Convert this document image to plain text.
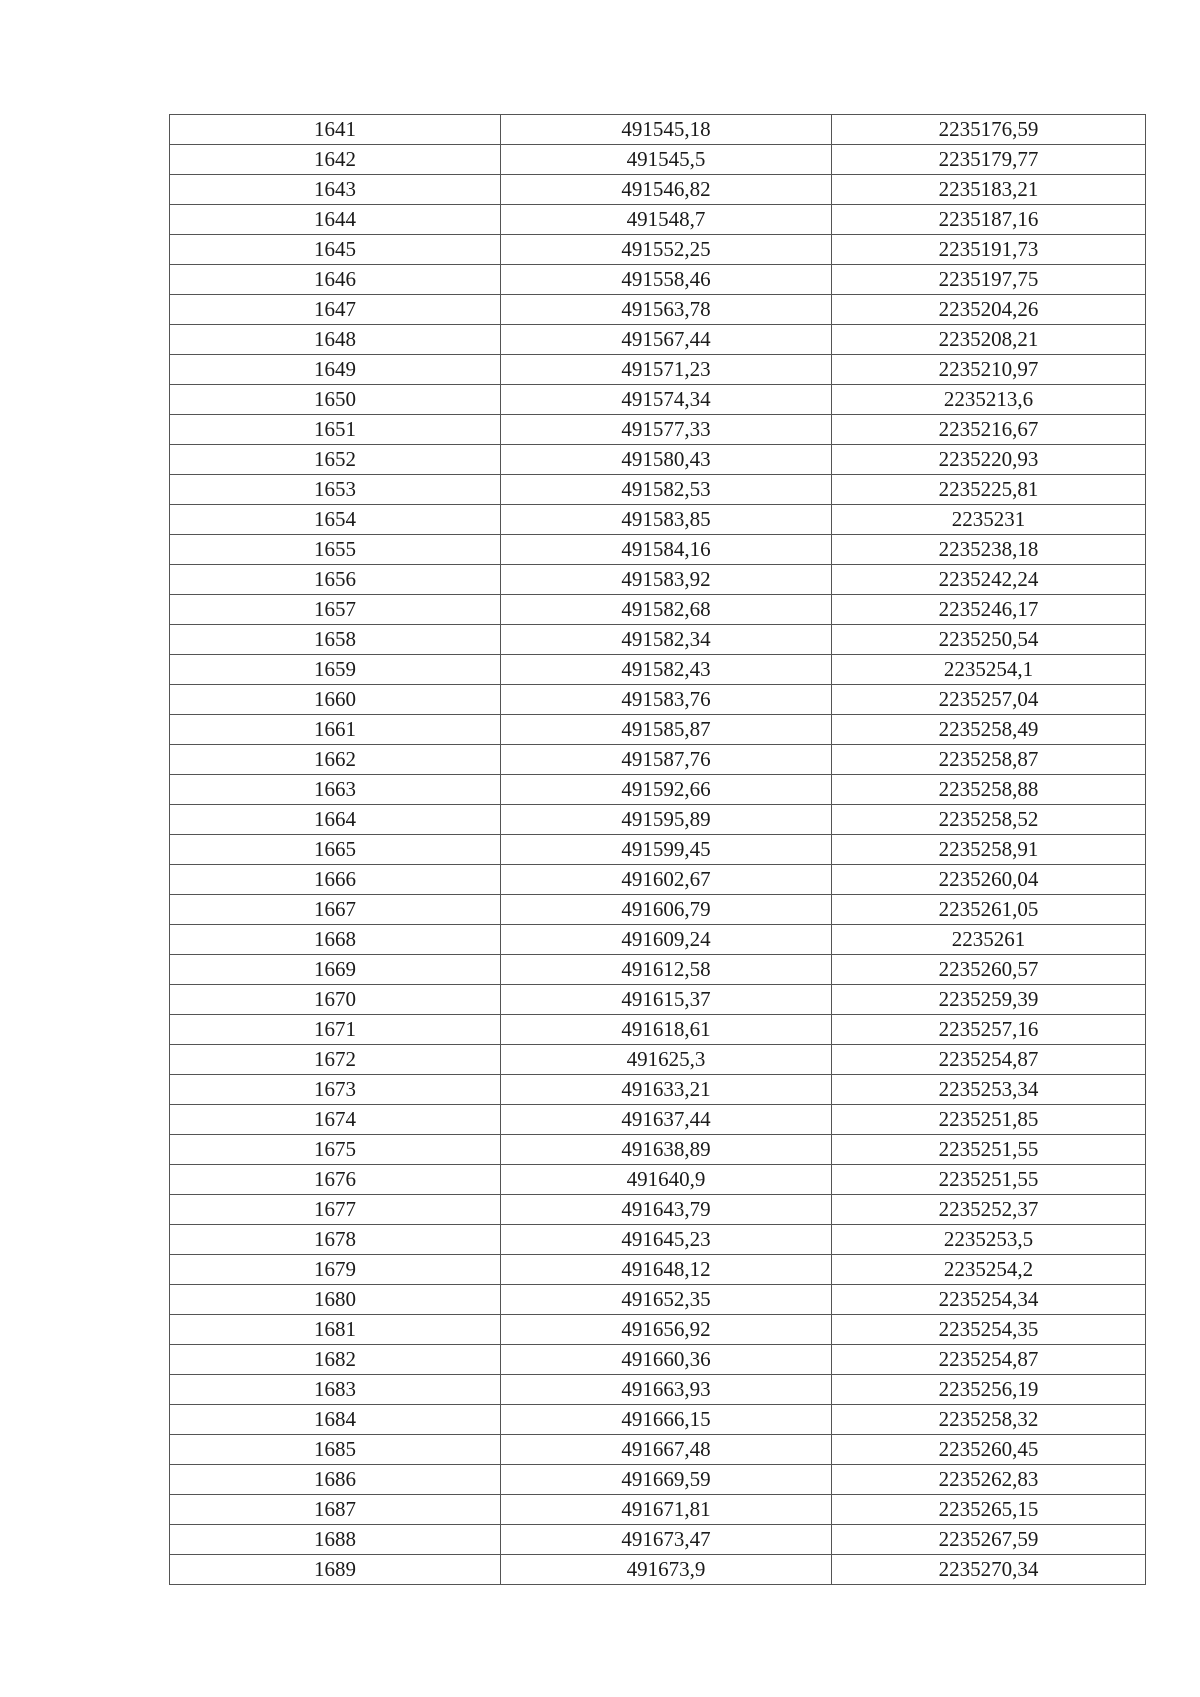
1641	491545,18	2235176,59
1642	491545,5	2235179,77
1643	491546,82	2235183,21
1644	491548,7	2235187,16
1645	491552,25	2235191,73
1646	491558,46	2235197,75
1647	491563,78	2235204,26
1648	491567,44	2235208,21
1649	491571,23	2235210,97
1650	491574,34	2235213,6
1651	491577,33	2235216,67
1652	491580,43	2235220,93
1653	491582,53	2235225,81
1654	491583,85	2235231
1655	491584,16	2235238,18
1656	491583,92	2235242,24
1657	491582,68	2235246,17
1658	491582,34	2235250,54
1659	491582,43	2235254,1
1660	491583,76	2235257,04
1661	491585,87	2235258,49
1662	491587,76	2235258,87
1663	491592,66	2235258,88
1664	491595,89	2235258,52
1665	491599,45	2235258,91
1666	491602,67	2235260,04
1667	491606,79	2235261,05
1668	491609,24	2235261
1669	491612,58	2235260,57
1670	491615,37	2235259,39
1671	491618,61	2235257,16
1672	491625,3	2235254,87
1673	491633,21	2235253,34
1674	491637,44	2235251,85
1675	491638,89	2235251,55
1676	491640,9	2235251,55
1677	491643,79	2235252,37
1678	491645,23	2235253,5
1679	491648,12	2235254,2
1680	491652,35	2235254,34
1681	491656,92	2235254,35
1682	491660,36	2235254,87
1683	491663,93	2235256,19
1684	491666,15	2235258,32
1685	491667,48	2235260,45
1686	491669,59	2235262,83
1687	491671,81	2235265,15
1688	491673,47	2235267,59
1689	491673,9	2235270,34
